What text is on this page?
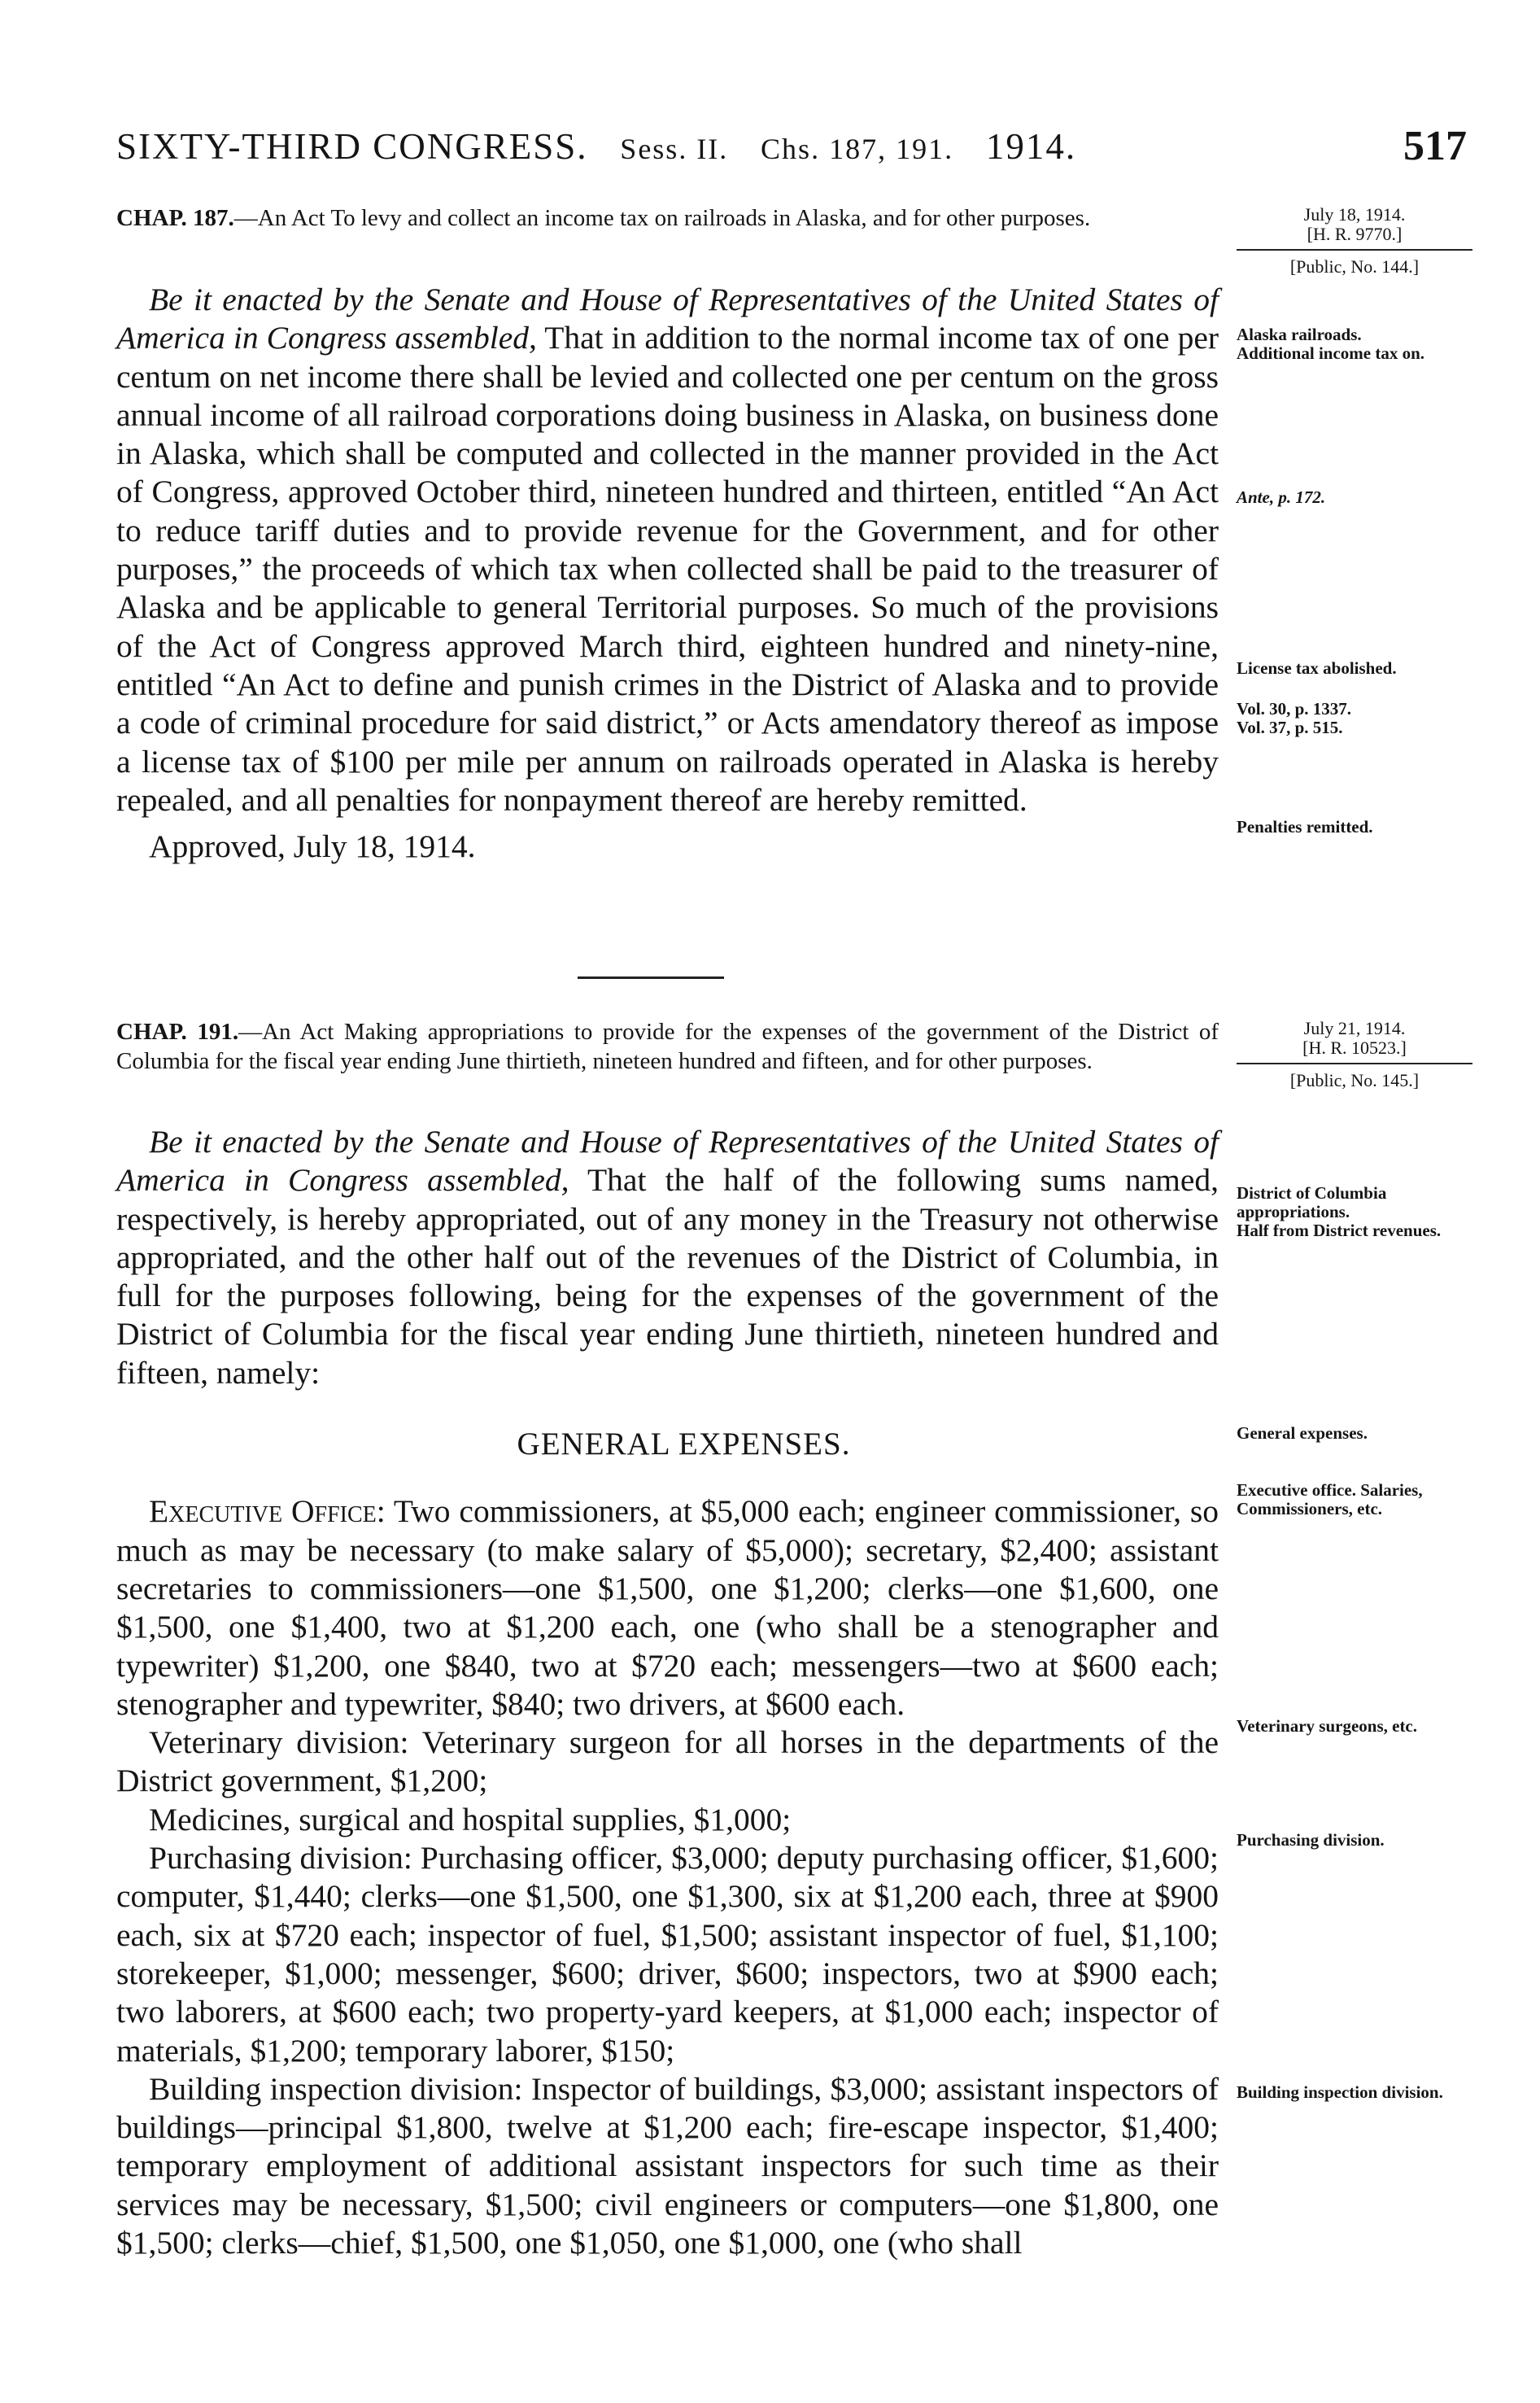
SIXTY-THIRD CONGRESS. Sess. II. Chs. 187, 191. 1914.	517

CHAP. 187.—An Act To levy and collect an income tax on railroads in Alaska, and for other purposes.	July 18, 1914.
[H. R. 9770.]
[Public, No. 144.]

Be it enacted by the Senate and House of Representatives of the United States of America in Congress assembled, That in addition to the normal income tax of one per centum on net income there shall be levied and collected one per centum on the gross annual income of all railroad corporations doing business in Alaska, on business done in Alaska, which shall be computed and collected in the manner provided in the Act of Congress, approved October third, nineteen hundred and thirteen, entitled “An Act to reduce tariff duties and to provide revenue for the Government, and for other purposes,” the proceeds of which tax when collected shall be paid to the treasurer of Alaska and be applicable to general Territorial purposes. So much of the provisions of the Act of Congress approved March third, eighteen hundred and ninety-nine, entitled “An Act to define and punish crimes in the District of Alaska and to provide a code of criminal procedure for said district,” or Acts amendatory thereof as impose a license tax of $100 per mile per annum on railroads operated in Alaska is hereby repealed, and all penalties for nonpayment thereof are hereby remitted.

Approved, July 18, 1914.

Alaska railroads.
Additional income tax on.
Ante, p. 172.
License tax abolished.
Vol. 30, p. 1337.
Vol. 37, p. 515.
Penalties remitted.

CHAP. 191.—An Act Making appropriations to provide for the expenses of the government of the District of Columbia for the fiscal year ending June thirtieth, nineteen hundred and fifteen, and for other purposes.

July 21, 1914.
[H. R. 10523.]
[Public, No. 145.]

Be it enacted by the Senate and House of Representatives of the United States of America in Congress assembled, That the half of the following sums named, respectively, is hereby appropriated, out of any money in the Treasury not otherwise appropriated, and the other half out of the revenues of the District of Columbia, in full for the purposes following, being for the expenses of the government of the District of Columbia for the fiscal year ending June thirtieth, nineteen hundred and fifteen, namely:

GENERAL EXPENSES.

Executive Office: Two commissioners, at $5,000 each; engineer commissioner, so much as may be necessary (to make salary of $5,000); secretary, $2,400; assistant secretaries to commissioners—one $1,500, one $1,200; clerks—one $1,600, one $1,500, one $1,400, two at $1,200 each, one (who shall be a stenographer and typewriter) $1,200, one $840, two at $720 each; messengers—two at $600 each; stenographer and typewriter, $840; two drivers, at $600 each.

Veterinary division: Veterinary surgeon for all horses in the departments of the District government, $1,200;

Medicines, surgical and hospital supplies, $1,000;

Purchasing division: Purchasing officer, $3,000; deputy purchasing officer, $1,600; computer, $1,440; clerks—one $1,500, one $1,300, six at $1,200 each, three at $900 each, six at $720 each; inspector of fuel, $1,500; assistant inspector of fuel, $1,100; storekeeper, $1,000; messenger, $600; driver, $600; inspectors, two at $900 each; two laborers, at $600 each; two property-yard keepers, at $1,000 each; inspector of materials, $1,200; temporary laborer, $150;

Building inspection division: Inspector of buildings, $3,000; assistant inspectors of buildings—principal $1,800, twelve at $1,200 each; fire-escape inspector, $1,400; temporary employment of additional assistant inspectors for such time as their services may be necessary, $1,500; civil engineers or computers—one $1,800, one $1,500; clerks—chief, $1,500, one $1,050, one $1,000, one (who shall

District of Columbia appropriations.
Half from District revenues.
General expenses.
Executive office. Salaries, Commissioners, etc.
Veterinary surgeons, etc.
Purchasing division.
Building inspection division.
